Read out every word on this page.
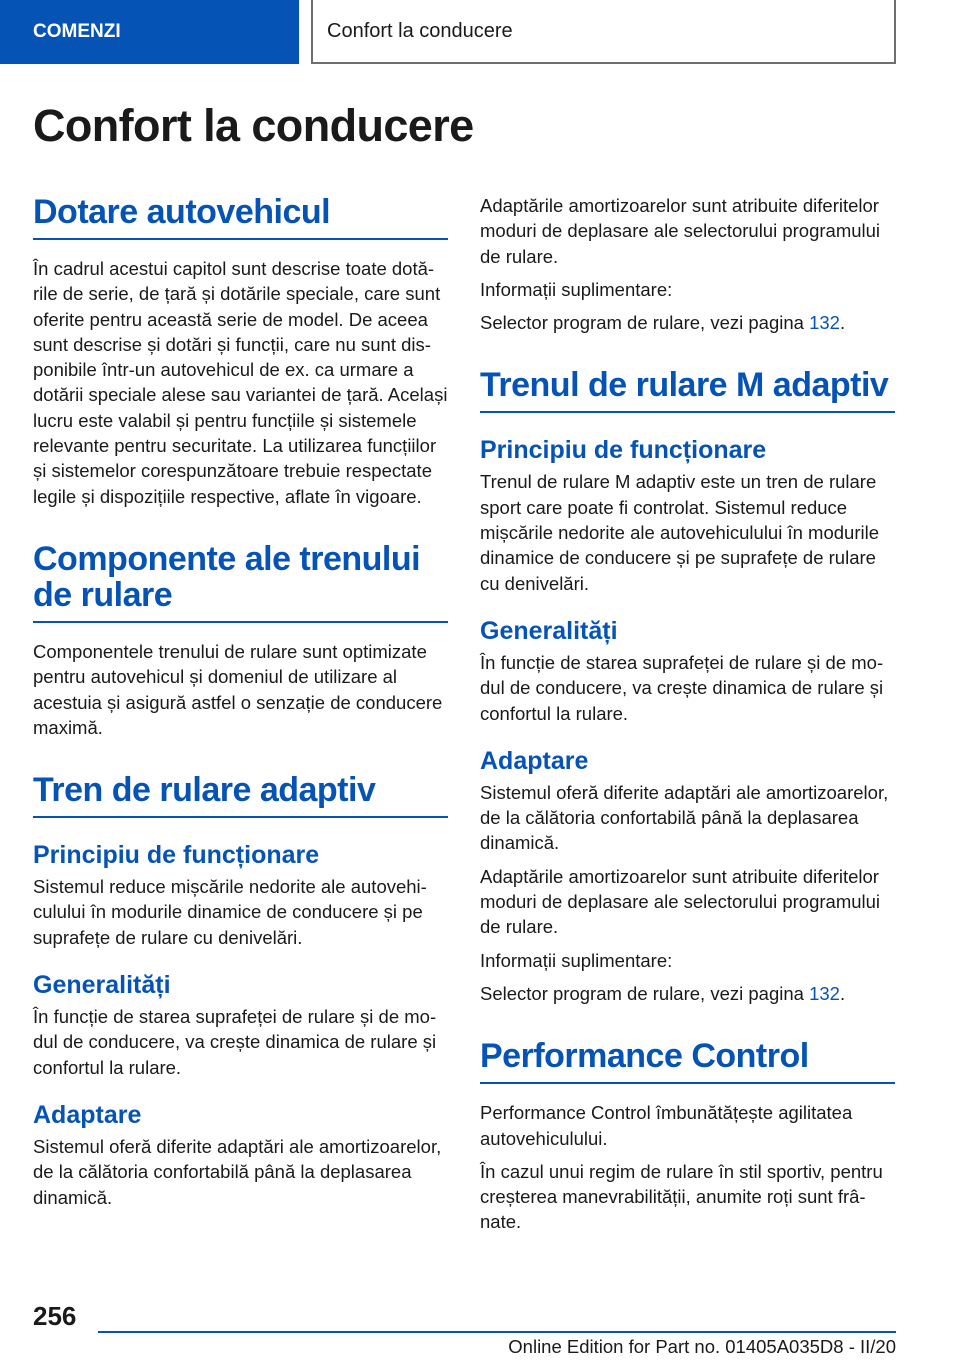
COMENZI	Confort la conducere
Confort la conducere
Dotare autovehicul

În cadrul acestui capitol sunt descrise toate dotările de serie, de țară și dotările speciale, care sunt oferite pentru această serie de model. De aceea sunt descrise și dotări și funcții, care nu sunt disponibile într-un autovehicul de ex. ca urmare a dotării speciale alese sau variantei de țară. Același lucru este valabil și pentru funcțiile și sistemele relevante pentru securitate. La utilizarea funcțiilor și sistemelor corespunzătoare trebuie respectate legile și dispozițiile respective, aflate în vigoare.

Componente ale trenului de rulare

Componentele trenului de rulare sunt optimizate pentru autovehicul și domeniul de utilizare al acestuia și asigură astfel o senzație de conducere maximă.

Tren de rulare adaptiv
Principiu de funcționare

Sistemul reduce mișcările nedorite ale autovehiculului în modurile dinamice de conducere și pe suprafețe de rulare cu denivelări.

Generalități

În funcție de starea suprafeței de rulare și de modul de conducere, va crește dinamica de rulare și confortul la rulare.

Adaptare

Sistemul oferă diferite adaptări ale amortizoarelor, de la călătoria confortabilă până la deplasarea dinamică.

Adaptările amortizoarelor sunt atribuite diferitelor moduri de deplasare ale selectorului programului de rulare.

Informații suplimentare:

Selector program de rulare, vezi pagina 132.

Trenul de rulare M adaptiv
Principiu de funcționare

Trenul de rulare M adaptiv este un tren de rulare sport care poate fi controlat. Sistemul reduce mișcările nedorite ale autovehiculului în modurile dinamice de conducere și pe suprafețe de rulare cu denivelări.

Generalități

În funcție de starea suprafeței de rulare și de modul de conducere, va crește dinamica de rulare și confortul la rulare.

Adaptare

Sistemul oferă diferite adaptări ale amortizoarelor, de la călătoria confortabilă până la deplasarea dinamică.

Adaptările amortizoarelor sunt atribuite diferitelor moduri de deplasare ale selectorului programului de rulare.

Informații suplimentare:

Selector program de rulare, vezi pagina 132.

Performance Control

Performance Control îmbunătățește agilitatea autovehiculului.

În cazul unui regim de rulare în stil sportiv, pentru creșterea manevrabilității, anumite roți sunt frânate.

256
Online Edition for Part no. 01405A035D8 - II/20
